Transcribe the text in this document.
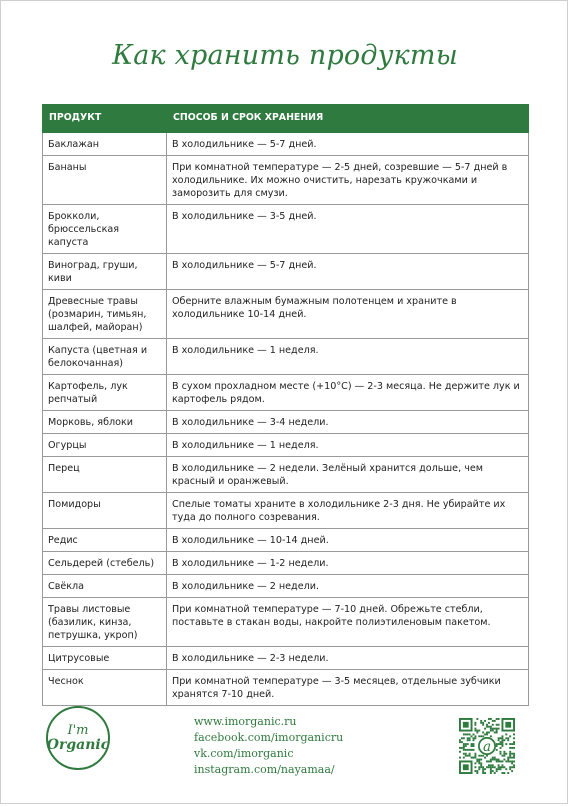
Как хранить продукты
ПРОДУКТ	СПОСОБ И СРОК ХРАНЕНИЯ
Баклажан	В холодильнике — 5-7 дней.
Бананы	При комнатной температуре — 2-5 дней, созревшие — 5-7 дней в холодильнике. Их можно очистить, нарезать кружочками и заморозить для смузи.
Брокколи, брюссельская капуста	В холодильнике — 3-5 дней.
Виноград, груши, киви	В холодильнике — 5-7 дней.
Древесные травы (розмарин, тимьян, шалфей, майоран)	Оберните влажным бумажным полотенцем и храните в холодильнике 10-14 дней.
Капуста (цветная и белокочанная)	В холодильнике — 1 неделя.
Картофель, лук репчатый	В сухом прохладном месте (+10°C) — 2-3 месяца. Не держите лук и картофель рядом.
Морковь, яблоки	В холодильнике — 3-4 недели.
Огурцы	В холодильнике — 1 неделя.
Перец	В холодильнике — 2 недели. Зелёный хранится дольше, чем красный и оранжевый.
Помидоры	Спелые томаты храните в холодильнике 2-3 дня. Не убирайте их туда до полного созревания.
Редис	В холодильнике — 10-14 дней.
Сельдерей (стебель)	В холодильнике — 1-2 недели.
Свёкла	В холодильнике — 2 недели.
Травы листовые (базилик, кинза, петрушка, укроп)	При комнатной температуре — 7-10 дней. Обрежьте стебли, поставьте в стакан воды, накройте полиэтиленовым пакетом.
Цитрусовые	В холодильнике — 2-3 недели.
Чеснок	При комнатной температуре — 3-5 месяцев, отдельные зубчики хранятся 7-10 дней.
I'm
Organic
www.imorganic.ru
facebook.com/imorganicru
vk.com/imorganic
instagram.com/nayamaa/
a
